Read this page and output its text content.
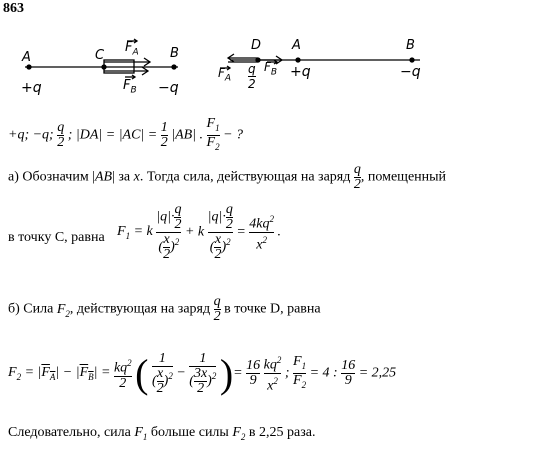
863
A	C	B
$F_A$
$F_B$
+q	−q
D A	B
$F_A$
$F_B$
q
2
+q	−q
+q; −q; $\frac{q}{2}$ ; $|DA| = |AC| = \frac{1}{2} |AB|$ . $\frac{F_1}{F_2}$ − ?
а) Обозначим |AB| за x. Тогда сила, действующая на заряд $\frac{q}{2}$ , помещенный
в точку C, равна $F_1 = k \frac{|q|\cdot \frac{q}{2}}{( \frac{x}{2} )^2} + k \frac{|q|\cdot \frac{q}{2}}{( \frac{x}{2} )^2} = \frac{4kq^2}{x^2}$ .
б) Сила $F_2$, действующая на заряд $\frac{q}{2}$ в точке D, равна
$F_2 = |F_A| - |F_B| = \frac{kq^2}{2}$ ( $\frac{1}{( \frac{x}{2} )^2} - \frac{1}{( \frac{3x}{2} )^2}$ )= $\frac{16}{9}$
$\frac{kq^2}{x^2}$ ; $\frac{F_1}{F_2} = 4$ : $\frac{16}{9} = 2,25$
Следовательно, сила $F_1$ больше силы $F_2$ в 2,25 раза.
